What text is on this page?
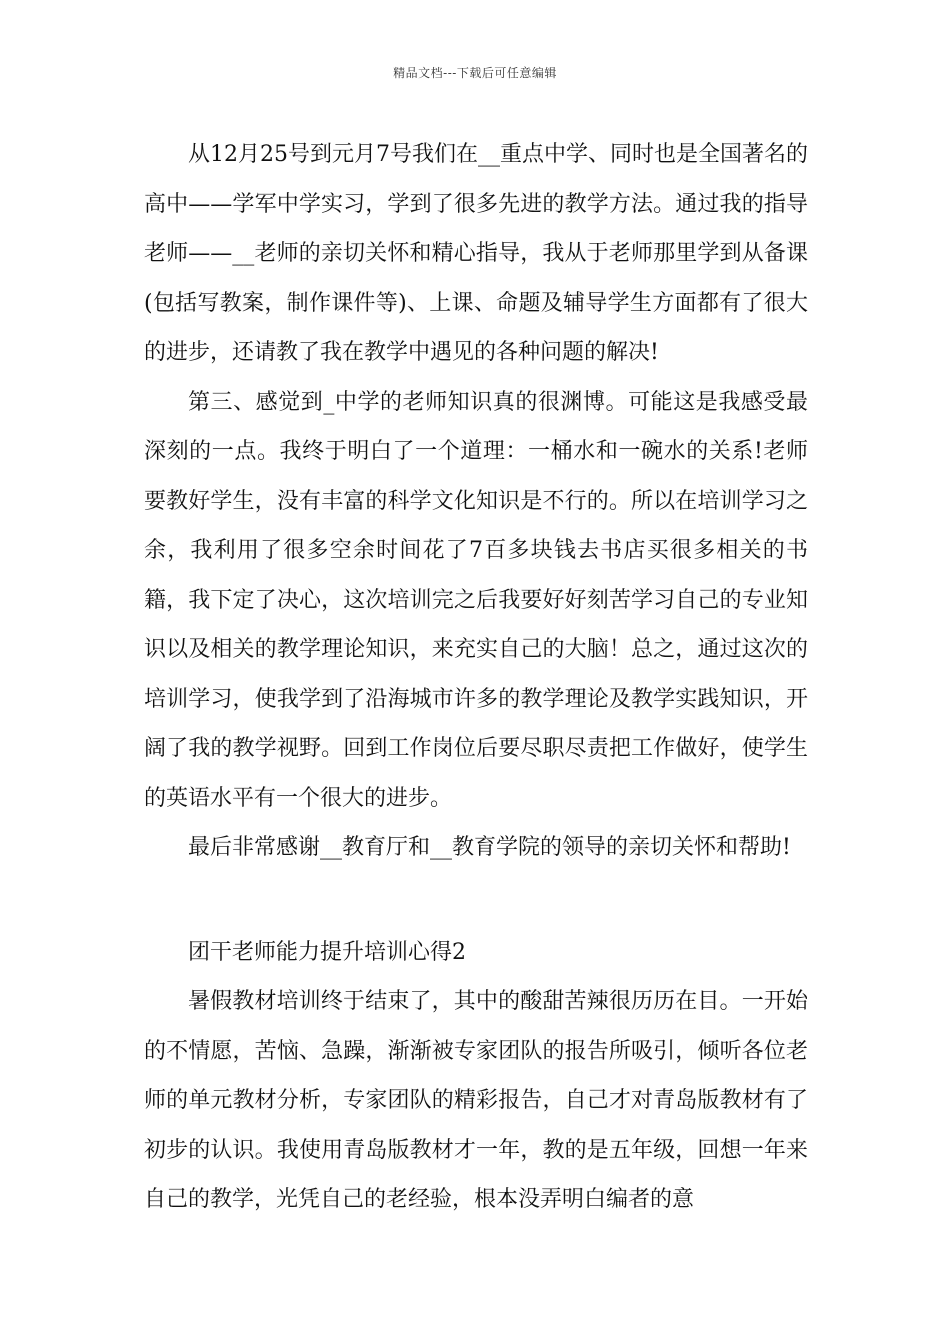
精品文档---下载后可任意编辑

从12月25号到元月7号我们在__重点中学、同时也是全国著名的高中——学军中学实习，学到了很多先进的教学方法。通过我的指导老师——__老师的亲切关怀和精心指导，我从于老师那里学到从备课(包括写教案，制作课件等)、上课、命题及辅导学生方面都有了很大的进步，还请教了我在教学中遇见的各种问题的解决!

第三、感觉到_中学的老师知识真的很渊博。可能这是我感受最深刻的一点。我终于明白了一个道理：一桶水和一碗水的关系!老师要教好学生，没有丰富的科学文化知识是不行的。所以在培训学习之余，我利用了很多空余时间花了7百多块钱去书店买很多相关的书籍，我下定了决心，这次培训完之后我要好好刻苦学习自己的专业知识以及相关的教学理论知识，来充实自己的大脑！总之，通过这次的培训学习，使我学到了沿海城市许多的教学理论及教学实践知识，开阔了我的教学视野。回到工作岗位后要尽职尽责把工作做好，使学生的英语水平有一个很大的进步。

最后非常感谢__教育厅和__教育学院的领导的亲切关怀和帮助!

团干老师能力提升培训心得2

暑假教材培训终于结束了，其中的酸甜苦辣很历历在目。一开始的不情愿，苦恼、急躁，渐渐被专家团队的报告所吸引，倾听各位老师的单元教材分析，专家团队的精彩报告，自己才对青岛版教材有了初步的认识。我使用青岛版教材才一年，教的是五年级，回想一年来自己的教学，光凭自己的老经验，根本没弄明白编者的意
